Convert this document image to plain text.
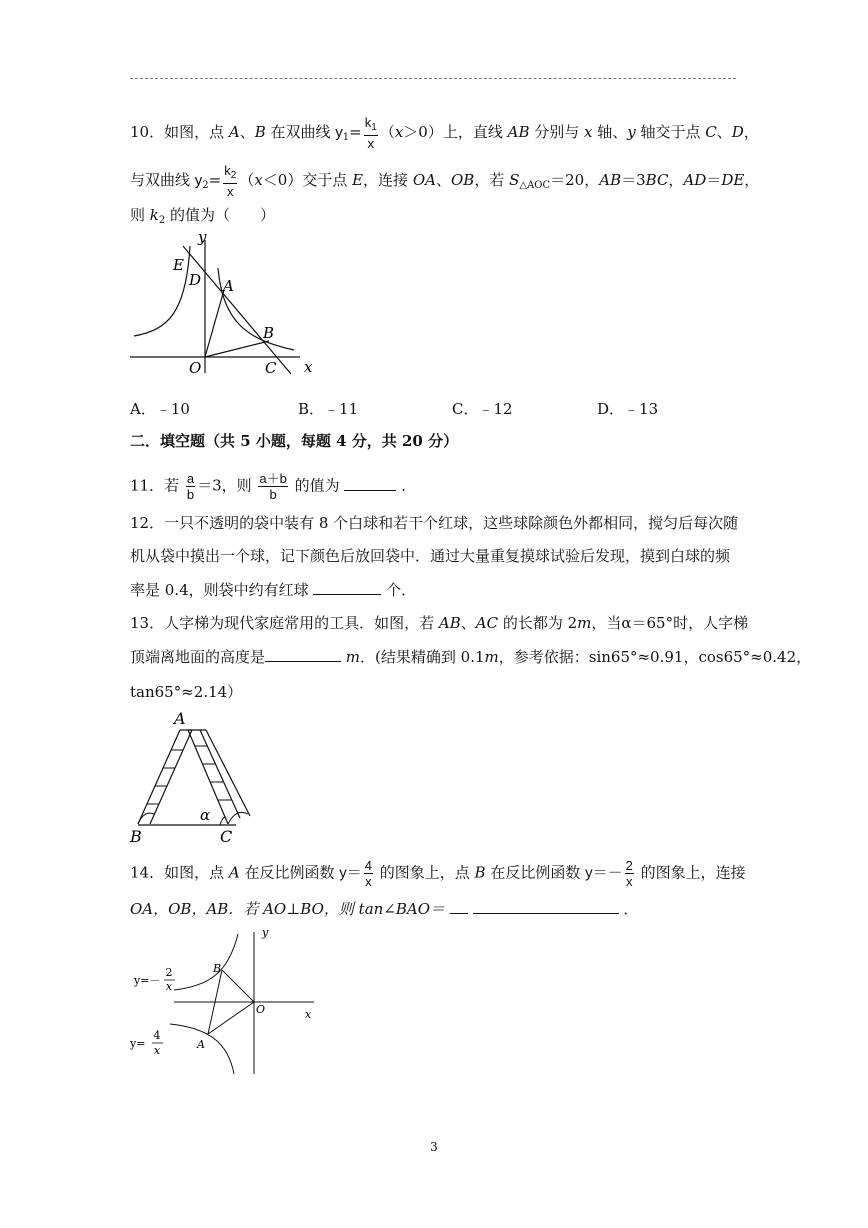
10．如图，点 A、B 在双曲线 $y_1= \frac{k_1}{x} (x>0)$上，直线 AB 分别与 x 轴、y 轴交于点 C、D，
与双曲线 $y_2= \frac{k_2}{x} (x<0)$交于点 E，连接 OA、OB，若 $S_{\triangle AOC}=20$，AB＝3BC，AD＝DE，
则 $k_2$ 的值为（　　）
y
x
E
D A
B
O	C
A．﹣10	B．﹣11	C．﹣12	D．﹣13
二．填空题（共 5 小题，每题 4 分，共 20 分）
11．若 $\frac{a}{b} =3$，则 $\frac{a+b}{b}$ 的值为	．
12．一只不透明的袋中装有 8 个白球和若干个红球，这些球除颜色外都相同，搅匀后每次随
机从袋中摸出一个球，记下颜色后放回袋中．通过大量重复摸球试验后发现，摸到白球的频
率是 0.4，则袋中约有红球	个．
13．人字梯为现代家庭常用的工具．如图，若 AB、AC 的长都为 2m，当α＝65°时，人字梯
顶端离地面的高度是	m．(结果精确到 0.1m，参考依据：sin65°≈0.91，cos65°≈0.42，
tan65°≈2.14）
A
B	C
α
14．如图，点 A 在反比例函数 $y= \frac{4}{x}$ 的图象上，点 B 在反比例函数 $y=- \frac{2}{x}$ 的图象上，连接
OA，OB，AB．若 AO⊥BO，则 tan∠BAO＝	．
y
x
O
B
A
y=－
2
x
y=
4
x
3
